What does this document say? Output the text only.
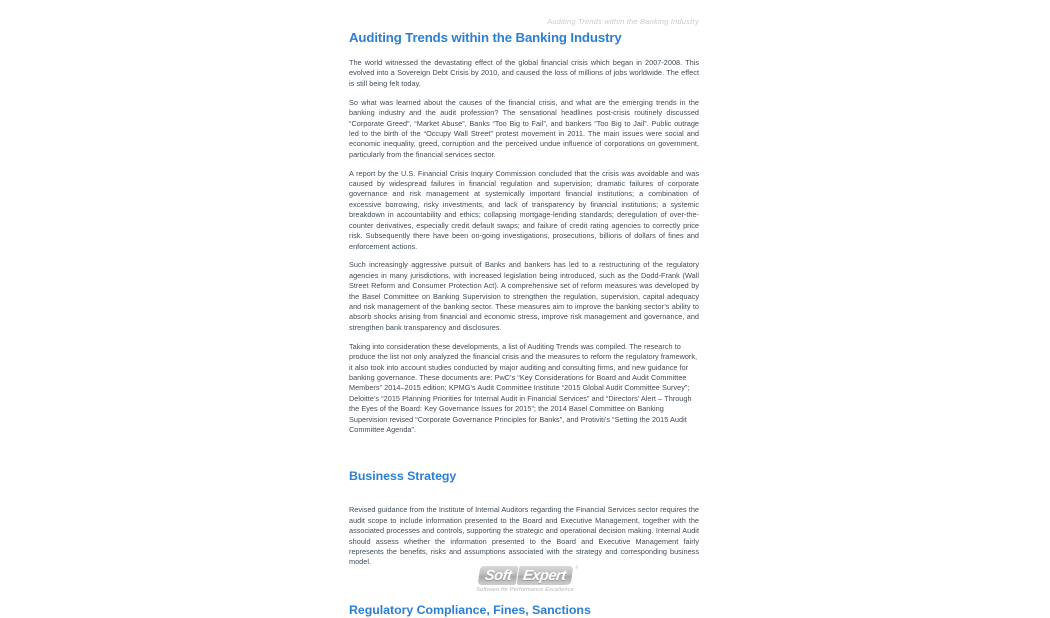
Auditing Trends within the Banking Industry
Auditing Trends within the Banking Industry

The world witnessed the devastating effect of the global financial crisis which began in 2007-2008. This evolved into a Sovereign Debt Crisis by 2010, and caused the loss of millions of jobs worldwide. The effect is still being felt today.

So what was learned about the causes of the financial crisis, and what are the emerging trends in the banking industry and the audit profession? The sensational headlines post-crisis routinely discussed “Corporate Greed”, “Market Abuse”, Banks “Too Big to Fail”, and bankers “Too Big to Jail”. Public outrage led to the birth of the “Occupy Wall Street” protest movement in 2011. The main issues were social and economic inequality, greed, corruption and the perceived undue influence of corporations on government, particularly from the financial services sector.

A report by the U.S. Financial Crisis Inquiry Commission concluded that the crisis was avoidable and was caused by widespread failures in financial regulation and supervision; dramatic failures of corporate governance and risk management at systemically important financial institutions; a combination of excessive borrowing, risky investments, and lack of transparency by financial institutions; a systemic breakdown in accountability and ethics; collapsing mortgage-lending standards; deregulation of over-the-counter derivatives, especially credit default swaps; and failure of credit rating agencies to correctly price risk. Subsequently there have been on-going investigations, prosecutions, billions of dollars of fines and enforcement actions.

Such increasingly aggressive pursuit of Banks and bankers has led to a restructuring of the regulatory agencies in many jurisdictions, with increased legislation being introduced, such as the Dodd-Frank (Wall Street Reform and Consumer Protection Act). A comprehensive set of reform measures was developed by the Basel Committee on Banking Supervision to strengthen the regulation, supervision, capital adequacy and risk management of the banking sector. These measures aim to improve the banking sector’s ability to absorb shocks arising from financial and economic stress, improve risk management and governance, and strengthen bank transparency and disclosures.

Taking into consideration these developments, a list of Auditing Trends was compiled. The research to produce the list not only analyzed the financial crisis and the measures to reform the regulatory framework, it also took into account studies conducted by major auditing and consulting firms, and new guidance for banking governance. These documents are: PwC’s “Key Considerations for Board and Audit Committee Members” 2014–2015 edition; KPMG’s Audit Committee Institute “2015 Global Audit Committee Survey”; Deloitte’s “2015 Planning Priorities for Internal Audit in Financial Services” and “Directors’ Alert – Through the Eyes of the Board: Key Governance Issues for 2015”; the 2014 Basel Committee on Banking Supervision revised “Corporate Governance Principles for Banks”, and Protiviti’s “Setting the 2015 Audit Committee Agenda”.

Business Strategy

Revised guidance from the Institute of Internal Auditors regarding the Financial Services sector requires the audit scope to include information presented to the Board and Executive Management, together with the associated processes and controls, supporting the strategic and operational decision making. Internal Audit should assess whether the information presented to the Board and Executive Management fairly represents the benefits, risks and assumptions associated with the strategy and corresponding business model.

Regulatory Compliance, Fines, Sanctions
Soft Expert	®
Software for Performance Excellence
